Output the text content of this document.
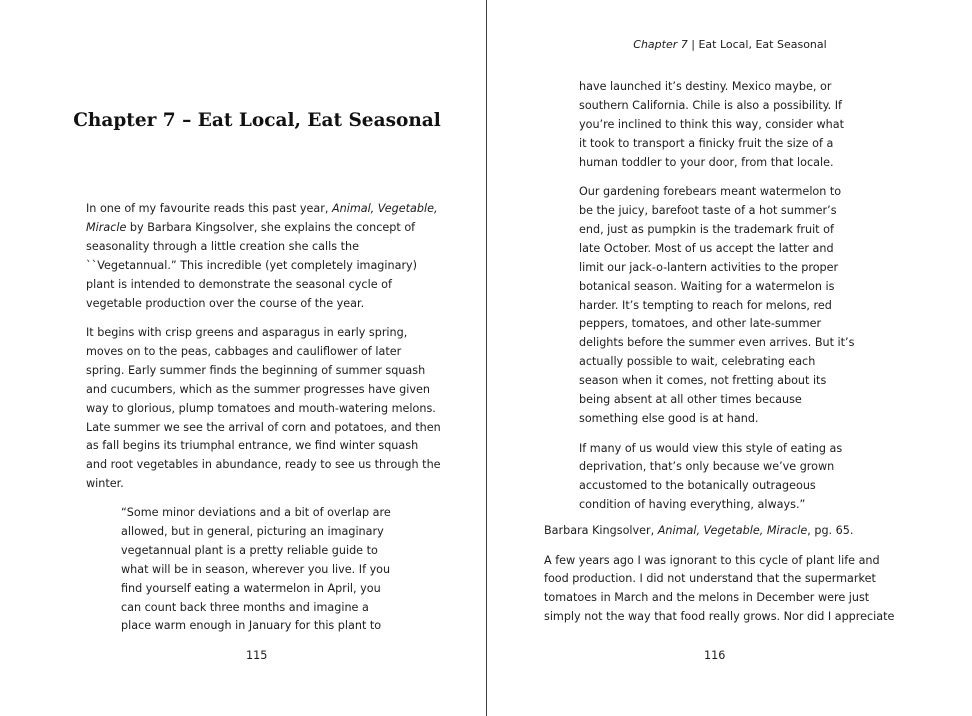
Chapter 7 – Eat Local, Eat Seasonal
In one of my favourite reads this past year, Animal, Vegetable,
Miracle by Barbara Kingsolver, she explains the concept of
seasonality through a little creation she calls the
``Vegetannual.” This incredible (yet completely imaginary)
plant is intended to demonstrate the seasonal cycle of
vegetable production over the course of the year.
It begins with crisp greens and asparagus in early spring,
moves on to the peas, cabbages and cauliflower of later
spring. Early summer finds the beginning of summer squash
and cucumbers, which as the summer progresses have given
way to glorious, plump tomatoes and mouth-watering melons.
Late summer we see the arrival of corn and potatoes, and then
as fall begins its triumphal entrance, we find winter squash
and root vegetables in abundance, ready to see us through the
winter.
“Some minor deviations and a bit of overlap are
allowed, but in general, picturing an imaginary
vegetannual plant is a pretty reliable guide to
what will be in season, wherever you live. If you
find yourself eating a watermelon in April, you
can count back three months and imagine a
place warm enough in January for this plant to
115
Chapter 7 | Eat Local, Eat Seasonal
have launched it’s destiny. Mexico maybe, or
southern California. Chile is also a possibility. If
you’re inclined to think this way, consider what
it took to transport a finicky fruit the size of a
human toddler to your door, from that locale.
Our gardening forebears meant watermelon to
be the juicy, barefoot taste of a hot summer’s
end, just as pumpkin is the trademark fruit of
late October. Most of us accept the latter and
limit our jack-o-lantern activities to the proper
botanical season. Waiting for a watermelon is
harder. It’s tempting to reach for melons, red
peppers, tomatoes, and other late-summer
delights before the summer even arrives. But it’s
actually possible to wait, celebrating each
season when it comes, not fretting about its
being absent at all other times because
something else good is at hand.
If many of us would view this style of eating as
deprivation, that’s only because we’ve grown
accustomed to the botanically outrageous
condition of having everything, always.”
Barbara Kingsolver, Animal, Vegetable, Miracle, pg. 65.
A few years ago I was ignorant to this cycle of plant life and
food production. I did not understand that the supermarket
tomatoes in March and the melons in December were just
simply not the way that food really grows. Nor did I appreciate
116
